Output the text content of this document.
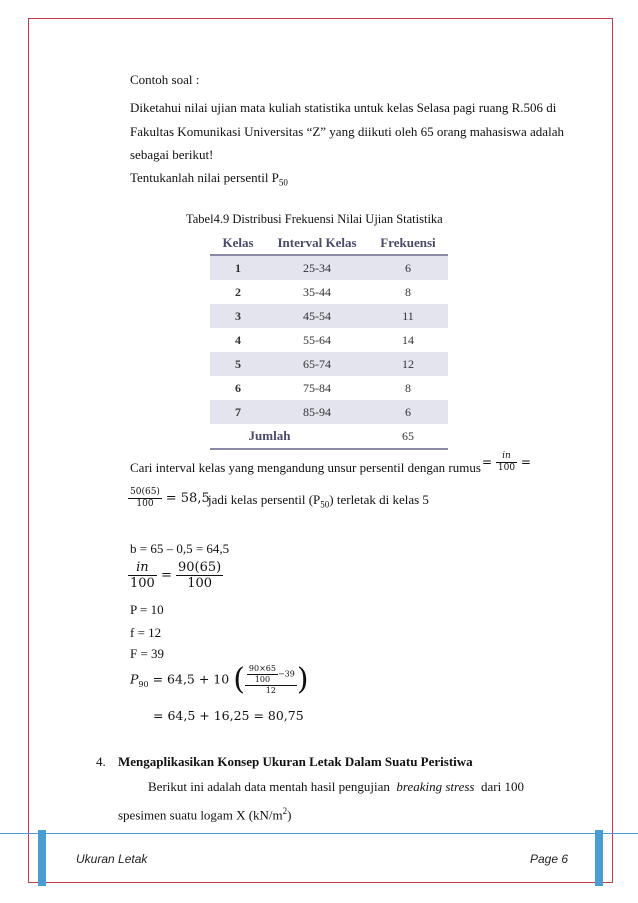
Contoh soal :
Diketahui nilai ujian mata kuliah statistika untuk kelas Selasa pagi ruang R.506 di
Fakultas Komunikasi Universitas “Z” yang diikuti oleh 65 orang mahasiswa adalah
sebagai berikut!
Tentukanlah nilai persentil $P_{50}$
Tabel4.9 Distribusi Frekuensi Nilai Ujian Statistika
Kelas	Interval Kelas	Frekuensi
1	25-34	6
2	35-44	8
3	45-54	11
4	55-64	14
5	65-74	12
6	75-84	8
7	85-94	6
Jumlah		65
Cari interval kelas yang mengandung unsur persentil dengan rumus = $\frac{in}{100}$ =
$\frac{50(65)}{100} = 58,5$
jadi kelas persentil $(P_{50})$ terletak di kelas 5
b = 65 – 0,5 = 64,5
$\frac{in}{100} = \frac{90(65)}{100}$
P = 10
f = 12
F = 39
$P_{90} = 64,5 + 10$ ( $\frac{\frac{90\times 65}{100} -39}{12}$ )
= 64,5 + 16,25 = 80,75
4. Mengaplikasikan Konsep Ukuran Letak Dalam Suatu Peristiwa
Berikut ini adalah data mentah hasil pengujian breaking stress dari 100
spesimen suatu logam X $(kN/m^2)$
Ukuran Letak	Page 6
